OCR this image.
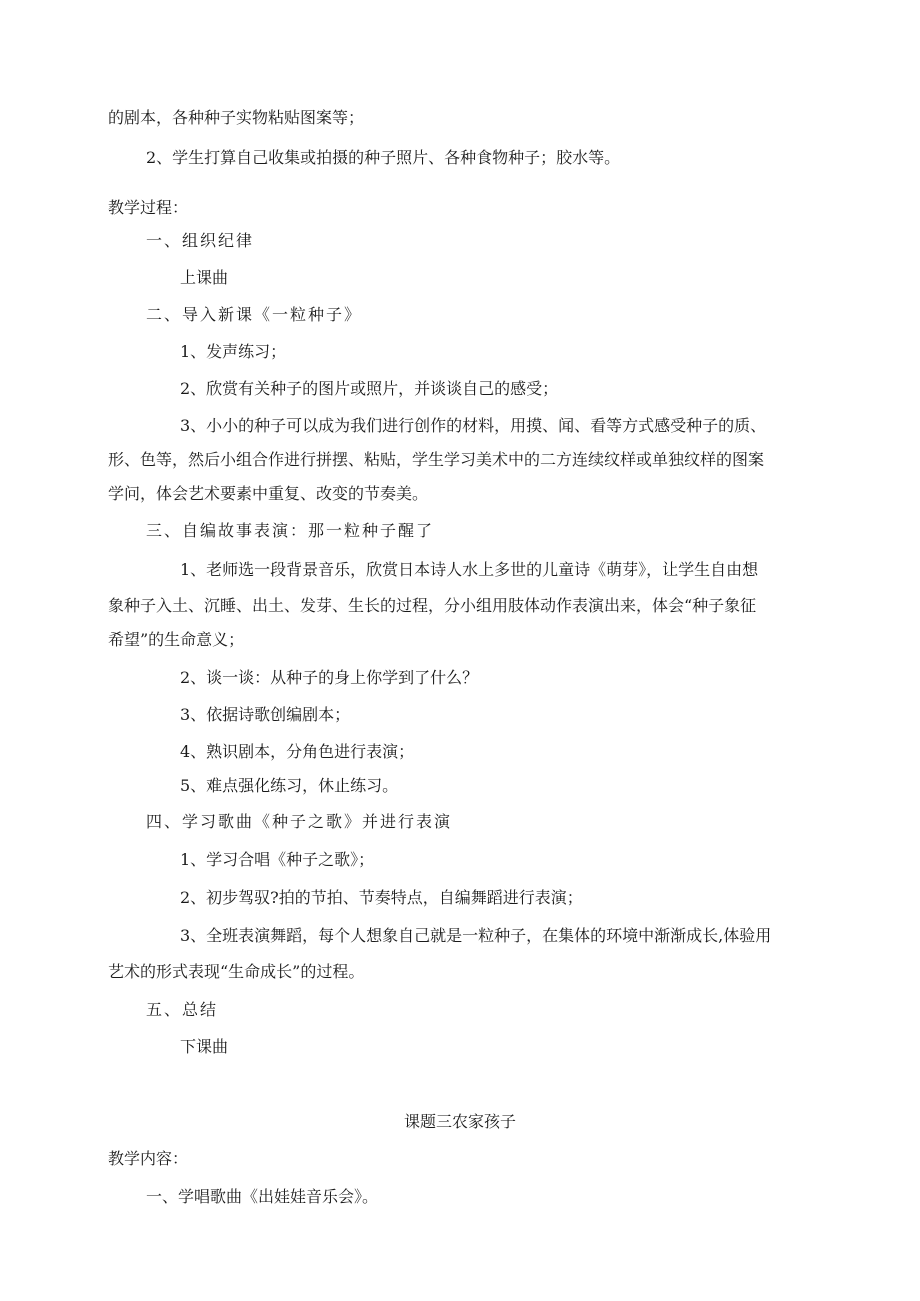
的剧本，各种种子实物粘贴图案等；
2、学生打算自己收集或拍摄的种子照片、各种食物种子；胶水等。
教学过程：
一、组织纪律
上课曲
二、导入新课《一粒种子》
1、发声练习；
2、欣赏有关种子的图片或照片，并谈谈自己的感受；
3、小小的种子可以成为我们进行创作的材料，用摸、闻、看等方式感受种子的质、
形、色等，然后小组合作进行拼摆、粘贴，学生学习美术中的二方连续纹样或单独纹样的图案
学问，体会艺术要素中重复、改变的节奏美。
三、自编故事表演：那一粒种子醒了
1、老师选一段背景音乐，欣赏日本诗人水上多世的儿童诗《萌芽》，让学生自由想
象种子入土、沉睡、出土、发芽、生长的过程，分小组用肢体动作表演出来，体会“种子象征
希望”的生命意义；
2、谈一谈：从种子的身上你学到了什么？
3、依据诗歌创编剧本；
4、熟识剧本，分角色进行表演；
5、难点强化练习，休止练习。
四、学习歌曲《种子之歌》并进行表演
1、学习合唱《种子之歌》；
2、初步驾驭?拍的节拍、节奏特点，自编舞蹈进行表演；
3、全班表演舞蹈，每个人想象自己就是一粒种子，在集体的环境中渐渐成长,体验用
艺术的形式表现“生命成长”的过程。
五、总结
下课曲
课题三农家孩子
教学内容：
一、学唱歌曲《出娃娃音乐会》。
